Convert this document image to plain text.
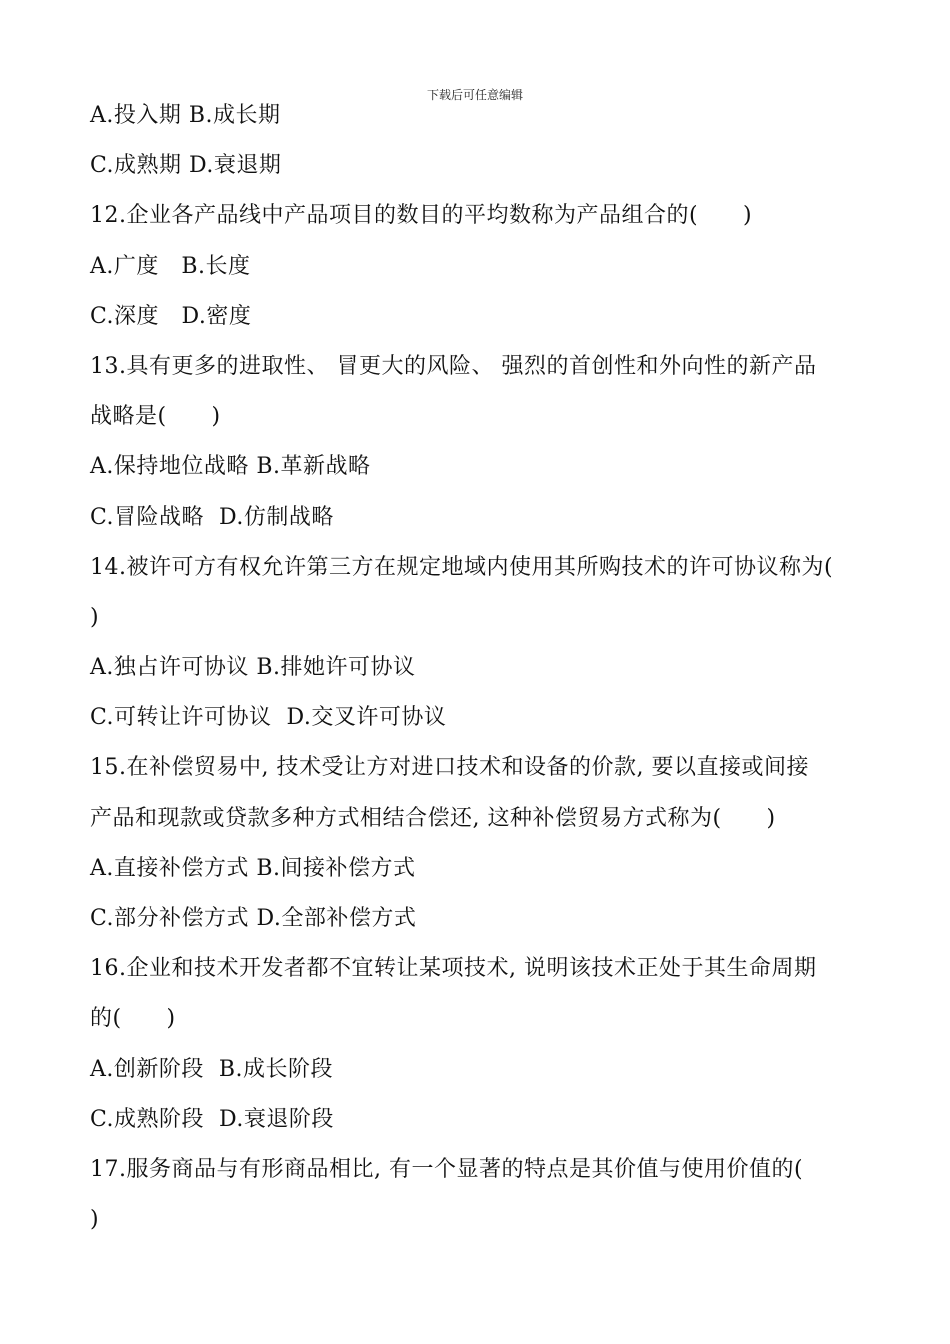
下载后可任意编辑
A.投入期 B.成长期
C.成熟期 D.衰退期
12.企业各产品线中产品项目的数目的平均数称为产品组合的(      )
A.广度   B.长度
C.深度   D.密度
13.具有更多的进取性、 冒更大的风险、 强烈的首创性和外向性的新产品
战略是(      )
A.保持地位战略 B.革新战略
C.冒险战略  D.仿制战略
14.被许可方有权允许第三方在规定地域内使用其所购技术的许可协议称为(
)
A.独占许可协议 B.排她许可协议
C.可转让许可协议  D.交叉许可协议
15.在补偿贸易中, 技术受让方对进口技术和设备的价款, 要以直接或间接
产品和现款或贷款多种方式相结合偿还, 这种补偿贸易方式称为(      )
A.直接补偿方式 B.间接补偿方式
C.部分补偿方式 D.全部补偿方式
16.企业和技术开发者都不宜转让某项技术, 说明该技术正处于其生命周期
的(      )
A.创新阶段  B.成长阶段
C.成熟阶段  D.衰退阶段
17.服务商品与有形商品相比, 有一个显著的特点是其价值与使用价值的(
)
